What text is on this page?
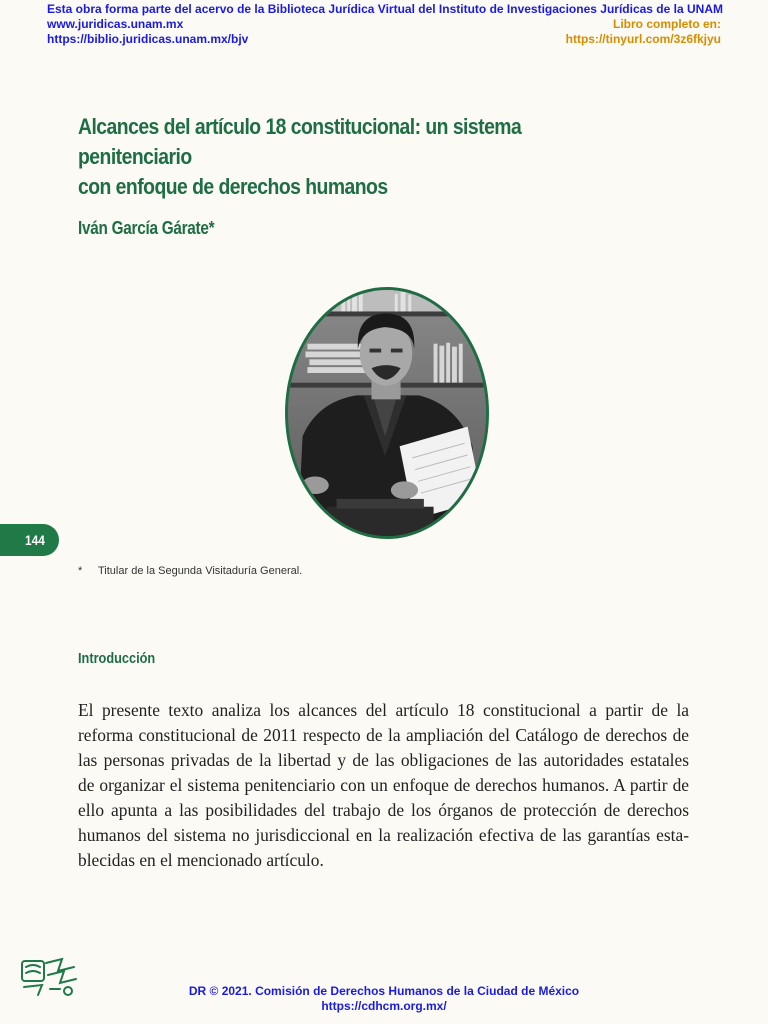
Esta obra forma parte del acervo de la Biblioteca Jurídica Virtual del Instituto de Investigaciones Jurídicas de la UNAM
www.juridicas.unam.mx
https://biblio.juridicas.unam.mx/bjv
Libro completo en:
https://tinyurl.com/3z6fkjyu
Alcances del artículo 18 constitucional: un sistema penitenciario
con enfoque de derechos humanos
Iván García Gárate*
144
* Titular de la Segunda Visitaduría General.
Introducción
El presente texto analiza los alcances del artículo 18 constitucional a partir de la
reforma constitucional de 2011 respecto de la ampliación del Catálogo de derechos de
las personas privadas de la libertad y de las obligaciones de las autoridades estatales
de organizar el sistema penitenciario con un enfoque de derechos humanos. A partir de
ello apunta a las posibilidades del trabajo de los órganos de protección de derechos
humanos del sistema no jurisdiccional en la realización efectiva de las garantías esta-
blecidas en el mencionado artículo.
DR © 2021. Comisión de Derechos Humanos de la Ciudad de México
https://cdhcm.org.mx/
